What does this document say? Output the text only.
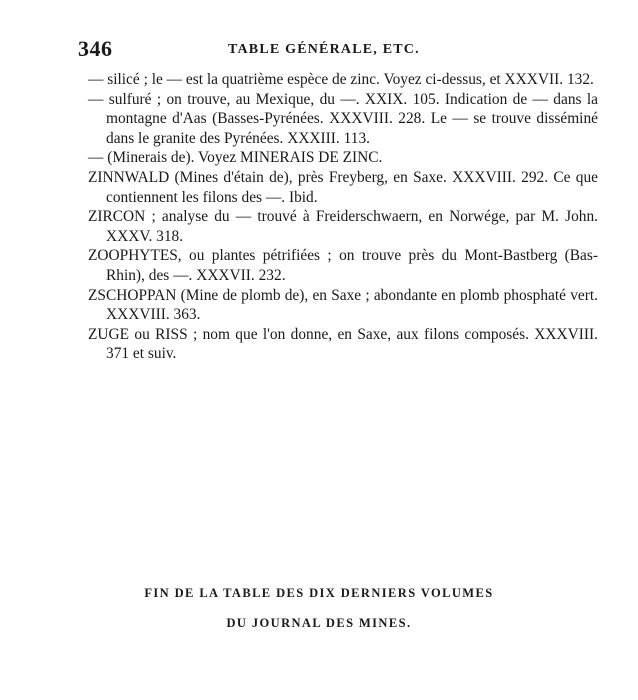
346	TABLE GÉNÉRALE, ETC.

— silicé ; le — est la quatrième espèce de zinc. Voyez ci-dessus, et XXXVII. 132.

— sulfuré ; on trouve, au Mexique, du —. XXIX. 105. Indication de — dans la montagne d'Aas (Basses-Pyrénées. XXXVIII. 228. Le — se trouve disséminé dans le granite des Pyrénées. XXXIII. 113.

— (Minerais de). Voyez MINERAIS DE ZINC.

ZINNWALD (Mines d'étain de), près Freyberg, en Saxe. XXXVIII. 292. Ce que contiennent les filons des —. Ibid.

ZIRCON ; analyse du — trouvé à Freiderschwaern, en Norwége, par M. John. XXXV. 318.

ZOOPHYTES, ou plantes pétrifiées ; on trouve près du Mont-Bastberg (Bas-Rhin), des —. XXXVII. 232.

ZSCHOPPAN (Mine de plomb de), en Saxe ; abondante en plomb phosphaté vert. XXXVIII. 363.

ZUGE ou RISS ; nom que l'on donne, en Saxe, aux filons composés. XXXVIII. 371 et suiv.

FIN DE LA TABLE DES DIX DERNIERS VOLUMES
DU JOURNAL DES MINES.
